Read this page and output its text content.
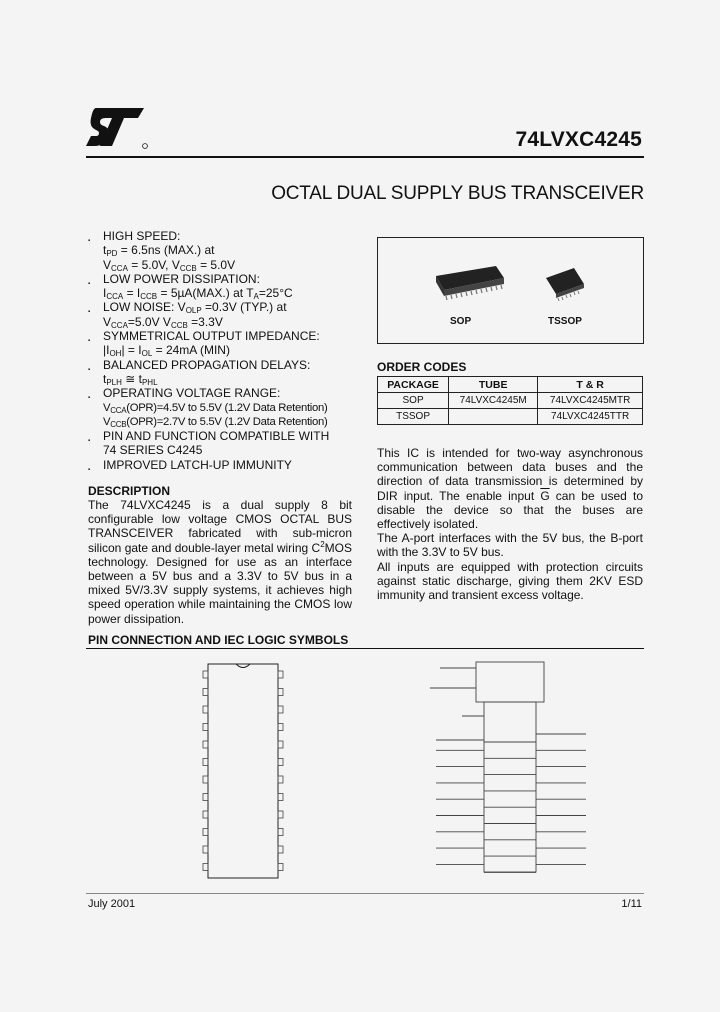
74LVXC4245
OCTAL DUAL SUPPLY BUS TRANSCEIVER
▪ HIGH SPEED:
$t_{PD} = 6.5ns$ (MAX.) at
$V_{CCA} = 5.0V$, $V_{CCB} = 5.0V$
▪ LOW POWER DISSIPATION:
$I_{CCA} = I_{CCB} = 5\mu A(MAX.)$ at $T_A=25^\circ C$
▪ LOW NOISE: $V_{OLP} =0.3V$ (TYP.) at
$V_{CCA}=5.0V$ $V_{CCB} =3.3V$
▪ SYMMETRICAL OUTPUT IMPEDANCE:
$|I_{OH}| = I_{OL} = 24mA$ (MIN)
▪ BALANCED PROPAGATION DELAYS:
$t_{PLH}$ ≅ $t_{PHL}$
▪ OPERATING VOLTAGE RANGE:
$V_{CCA}(OPR)=4.5V$ to 5.5V (1.2V Data Retention)
$V_{CCB}(OPR)=2.7V$ to 5.5V (1.2V Data Retention)
▪ PIN AND FUNCTION COMPATIBLE WITH
74 SERIES C4245
▪ IMPROVED LATCH-UP IMMUNITY
DESCRIPTION
The 74LVXC4245 is a dual supply 8 bit configurable low voltage CMOS OCTAL BUS TRANSCEIVER fabricated with sub-micron silicon gate and double-layer metal wiring $C^2MOS$ technology. Designed for use as an interface between a 5V bus and a 3.3V to 5V bus in a mixed 5V/3.3V supply systems, it achieves high speed operation while maintaining the CMOS low power dissipation.
SOP	TSSOP
ORDER CODES
PACKAGE	TUBE	T & R
SOP	74LVXC4245M	74LVXC4245MTR
TSSOP		74LVXC4245TTR
This IC is intended for two-way asynchronous communication between data buses and the direction of data transmission is determined by DIR input. The enable input $\overline{G}$ can be used to disable the device so that the buses are effectively isolated.
The A-port interfaces with the 5V bus, the B-port with the 3.3V to 5V bus.
All inputs are equipped with protection circuits against static discharge, giving them 2KV ESD immunity and transient excess voltage.
PIN CONNECTION AND IEC LOGIC SYMBOLS
July 2001	1/11
